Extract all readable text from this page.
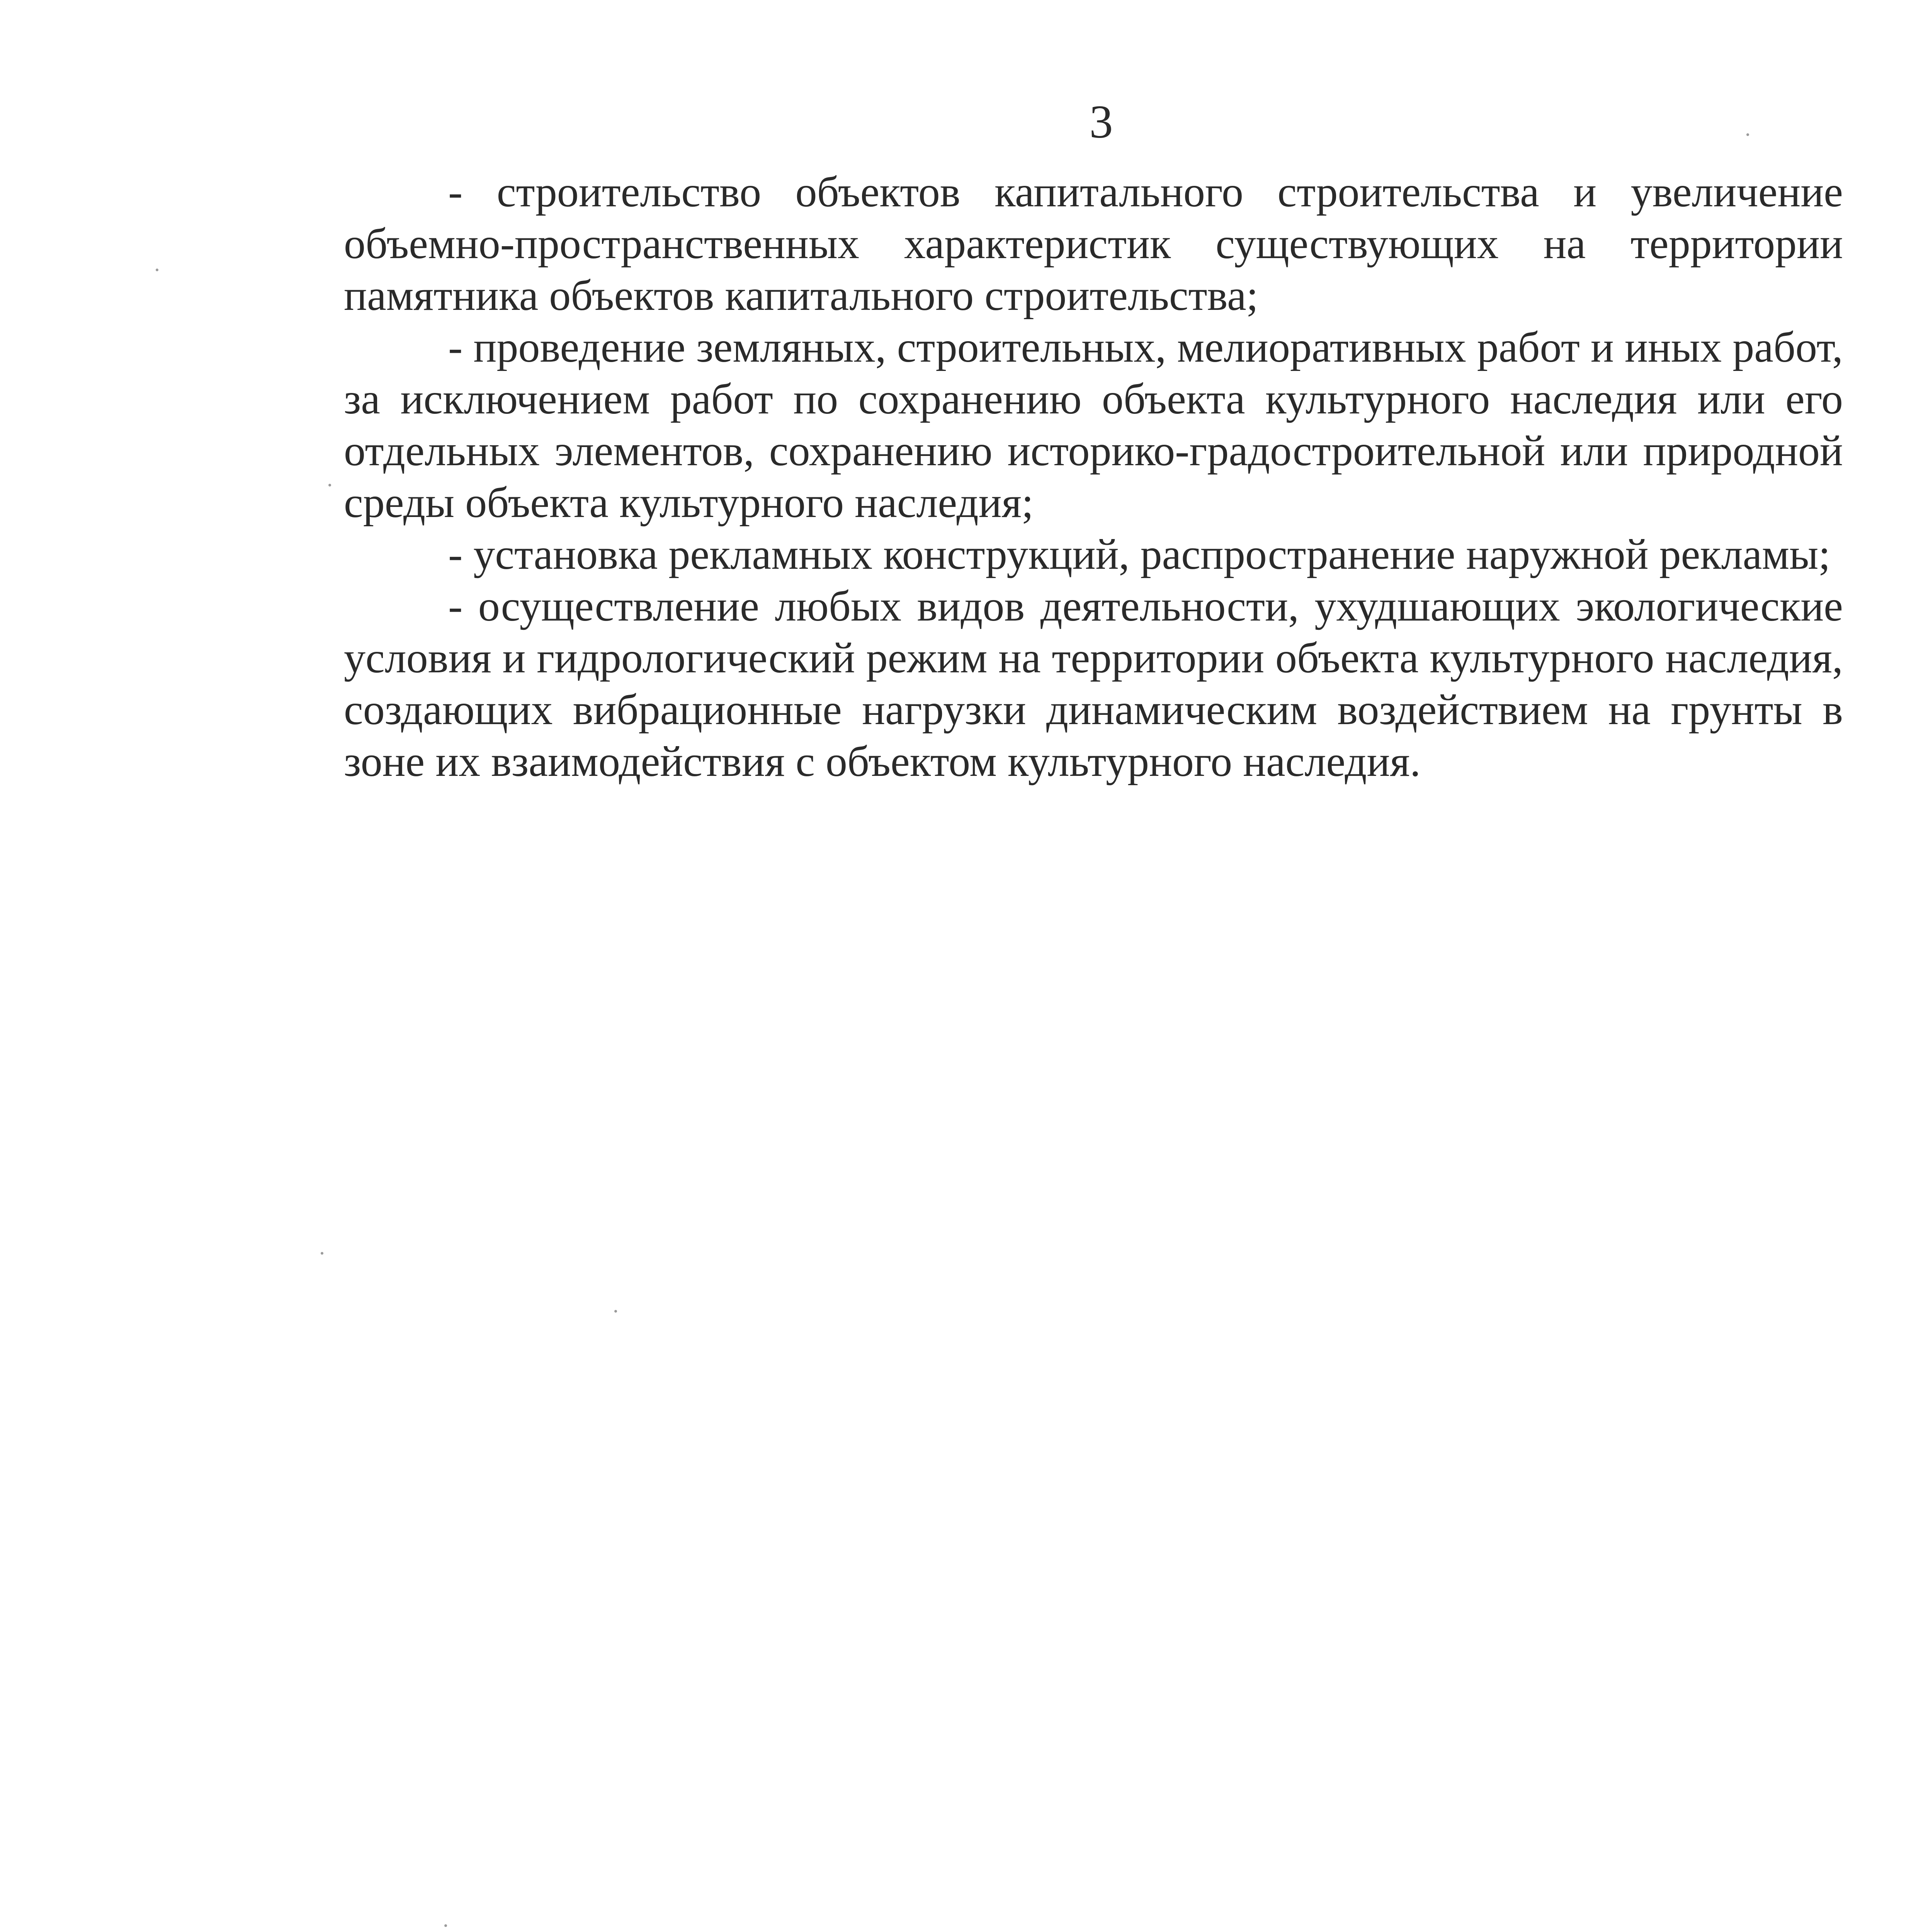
3

- строительство объектов капитального строительства и увеличение объемно-пространственных характеристик существующих на территории памятника объектов капитального строительства;

- проведение земляных, строительных, мелиоративных работ и иных работ, за исключением работ по сохранению объекта культурного наследия или его отдельных элементов, сохранению историко-градостроительной или природной среды объекта культурного наследия;

- установка рекламных конструкций, распространение наружной рекламы;

- осуществление любых видов деятельности, ухудшающих экологические условия и гидрологический режим на территории объекта культурного наследия, создающих вибрационные нагрузки динамическим воздействием на грунты в зоне их взаимодействия с объектом культурного наследия.
